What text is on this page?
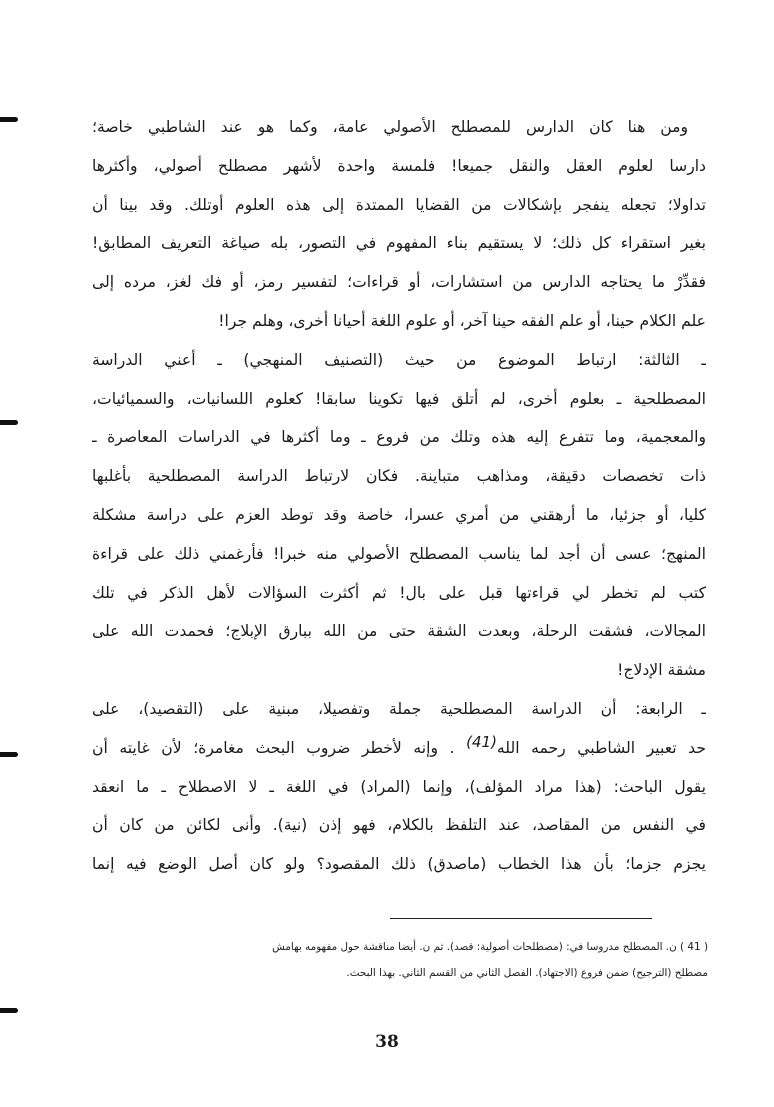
ومن هنا كان الدارس للمصطلح الأصولي عامة، وكما هو عند الشاطبي خاصة؛
دارسا لعلوم العقل والنقل جميعا! فلمسة واحدة لأشهر مصطلح أصولي، وأكثرها
تداولا؛ تجعله ينفجر بإشكالات من القضايا الممتدة إلى هذه العلوم أوتلك. وقد بينا أن
بغير استقراء كل ذلك؛ لا يستقيم بناء المفهوم في التصور، بله صياغة التعريف المطابق!
فقدِّرْ ما يحتاجه الدارس من استشارات، أو قراءات؛ لتفسير رمز، أو فك لغز، مرده إلى
علم الكلام حينا، أو علم الفقه حينا آخر، أو علوم اللغة أحيانا أخرى، وهلم جرا!
ـ الثالثة: ارتباط الموضوع من حيث (التصنيف المنهجي) ـ أعني الدراسة
المصطلحية ـ بعلوم أخرى، لم أتلق فيها تكوينا سابقا! كعلوم اللسانيات، والسميائيات،
والمعجمية، وما تتفرع إليه هذه وتلك من فروع ـ وما أكثرها في الدراسات المعاصرة ـ
ذات تخصصات دقيقة، ومذاهب متباينة. فكان لارتباط الدراسة المصطلحية بأغلبها
كليا، أو جزئيا، ما أرهقني من أمري عسرا، خاصة وقد توطد العزم على دراسة مشكلة
المنهج؛ عسى أن أجد لما يناسب المصطلح الأصولي منه خبرا! فأرغمني ذلك على قراءة
كتب لم تخطر لي قراءتها قبل على بال! ثم أكثرت السؤالات لأهل الذكر في تلك
المجالات، فشقت الرحلة، وبعدت الشقة حتى من الله ببارق الإبلاج؛ فحمدت الله على
مشقة الإدلاج!
ـ الرابعة: أن الدراسة المصطلحية جملة وتفصيلا، مبنية على (التقصيد)، على
حد تعبير الشاطبي رحمه الله(41) . وإنه لأخطر ضروب البحث مغامرة؛ لأن غايته أن
يقول الباحث: (هذا مراد المؤلف)، وإنما (المراد) في اللغة ـ لا الاصطلاح ـ ما انعقد
في النفس من المقاصد، عند التلفظ بالكلام، فهو إذن (نية). وأنى لكائن من كان أن
يجزم جزما؛ بأن هذا الخطاب (ماصدق) ذلك المقصود؟ ولو كان أصل الوضع فيه إنما
( 41 ) ن. المصطلح مدروسا في: (مصطلحات أصولية: قصد). ثم ن. أيضا مناقشة حول مفهومه بهامش
مصطلح (الترجيح) ضمن فروع (الاجتهاد). الفصل الثاني من القسم الثاني. بهذا البحث.
38
